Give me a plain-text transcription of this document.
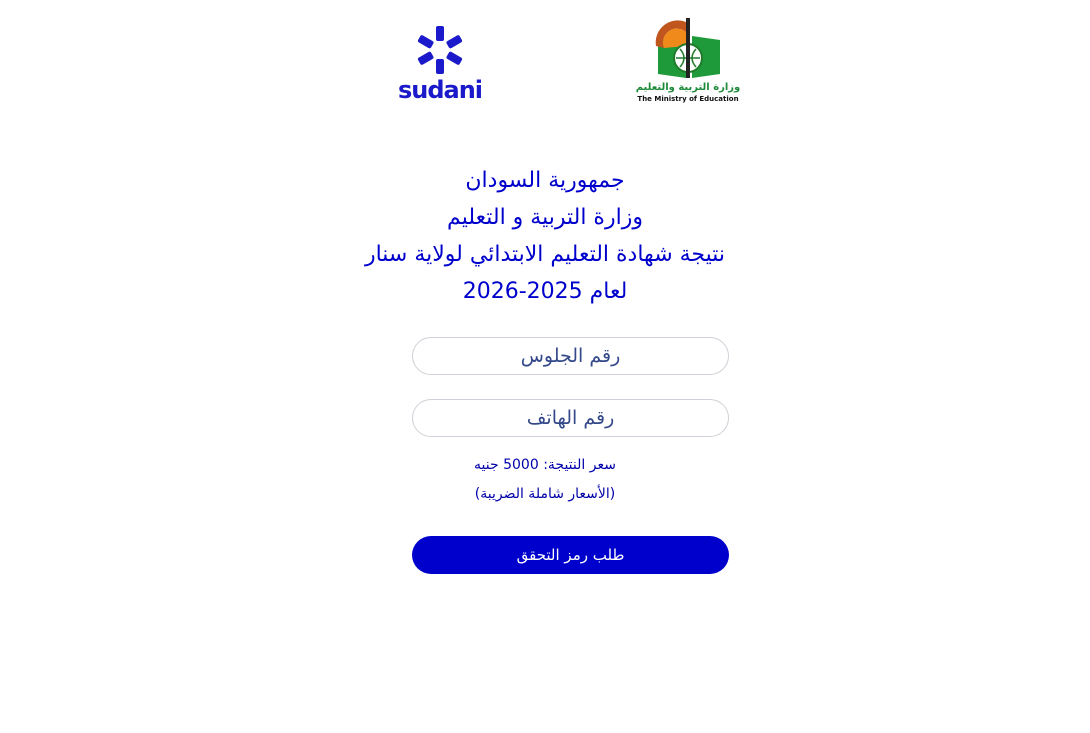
sudani	وزارة التربية والتعليم
The Ministry of Education
جمهورية السودان
وزارة التربية و التعليم
نتيجة شهادة التعليم الابتدائي لولاية سنار
لعام 2025-2026
رقم الجلوس
رقم الهاتف
سعر النتيجة: 5000 جنيه
(الأسعار شاملة الضريبة)
طلب رمز التحقق
